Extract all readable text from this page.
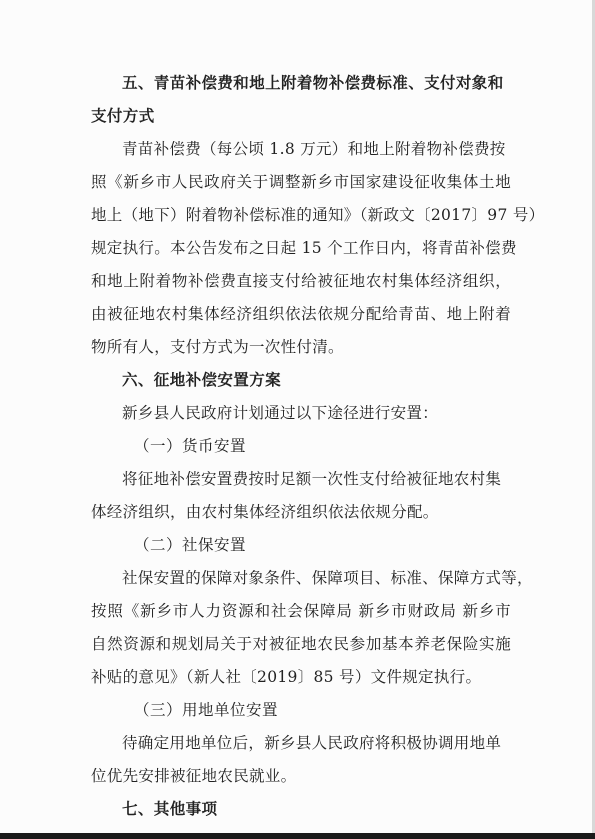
五、青苗补偿费和地上附着物补偿费标准、支付对象和
支付方式
青苗补偿费（每公顷 1.8 万元）和地上附着物补偿费按
照《新乡市人民政府关于调整新乡市国家建设征收集体土地
地上（地下）附着物补偿标准的通知》（新政文〔2017〕97 号）
规定执行。本公告发布之日起 15 个工作日内，将青苗补偿费
和地上附着物补偿费直接支付给被征地农村集体经济组织，
由被征地农村集体经济组织依法依规分配给青苗、地上附着
物所有人，支付方式为一次性付清。
六、征地补偿安置方案
新乡县人民政府计划通过以下途径进行安置：
（一）货币安置
将征地补偿安置费按时足额一次性支付给被征地农村集
体经济组织，由农村集体经济组织依法依规分配。
（二）社保安置
社保安置的保障对象条件、保障项目、标准、保障方式等，
按照《新乡市人力资源和社会保障局 新乡市财政局 新乡市
自然资源和规划局关于对被征地农民参加基本养老保险实施
补贴的意见》（新人社〔2019〕85 号）文件规定执行。
（三）用地单位安置
待确定用地单位后，新乡县人民政府将积极协调用地单
位优先安排被征地农民就业。
七、其他事项
